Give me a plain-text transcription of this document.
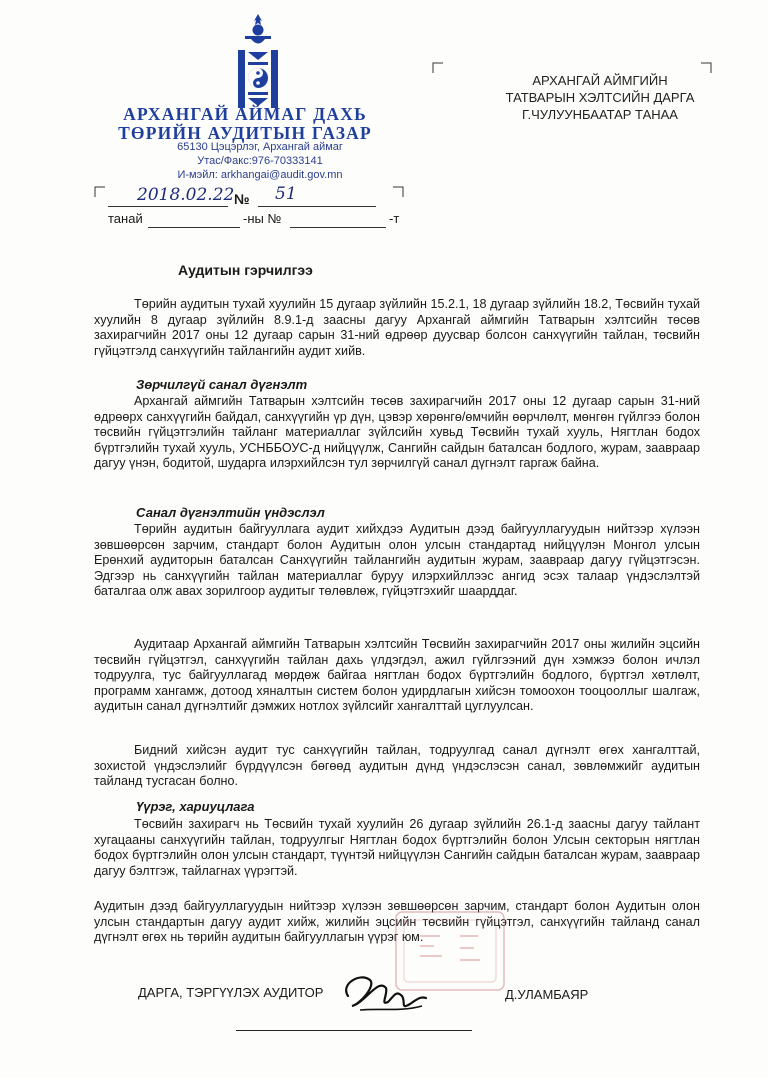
АРХАНГАЙ АЙМАГ ДАХЬ
ТӨРИЙН АУДИТЫН ГАЗАР
65130 Цэцэрлэг, Архангай аймаг
Утас/Факс:976-70333141
И-мэйл: arkhangai@audit.gov.mn
АРХАНГАЙ АЙМГИЙН
ТАТВАРЫН ХЭЛТСИЙН ДАРГА
Г.ЧУЛУУНБААТАР ТАНАА
2018.02.22 № 51
танай	-ны №	-т
Аудитын гэрчилгээ
Төрийн аудитын тухай хуулийн 15 дугаар зүйлийн 15.2.1, 18 дугаар зүйлийн 18.2, Төсвийн тухай хуулийн 8 дугаар зүйлийн 8.9.1-д заасны дагуу Архангай аймгийн Татварын хэлтсийн төсөв захирагчийн 2017 оны 12 дугаар сарын 31-ний өдрөөр дуусвар болсон санхүүгийн тайлан, төсвийн гүйцэтгэлд санхүүгийн тайлангийн аудит хийв.
Зөрчилгүй санал дүгнэлт
Архангай аймгийн Татварын хэлтсийн төсөв захирагчийн 2017 оны 12 дугаар сарын 31-ний өдрөөрх санхүүгийн байдал, санхүүгийн үр дүн, цэвэр хөрөнгө/өмчийн өөрчлөлт, мөнгөн гүйлгээ болон төсвийн гүйцэтгэлийн тайланг материаллаг зүйлсийн хувьд Төсвийн тухай хууль, Нягтлан бодох бүртгэлийн тухай хууль, УСНББОУС-д нийцүүлж, Сангийн сайдын баталсан бодлого, журам, заавраар дагуу үнэн, бодитой, шударга илэрхийлсэн тул зөрчилгүй санал дүгнэлт гаргаж байна.
Санал дүгнэлтийн үндэслэл
Төрийн аудитын байгууллага аудит хийхдээ Аудитын дээд байгууллагуудын нийтээр хүлээн зөвшөөрсөн зарчим, стандарт болон Аудитын олон улсын стандартад нийцүүлэн Монгол улсын Ерөнхий аудиторын баталсан Санхүүгийн тайлангийн аудитын журам, заавраар дагуу гүйцэтгэсэн. Эдгээр нь санхүүгийн тайлан материаллаг буруу илэрхийллээс ангид эсэх талаар үндэслэлтэй баталгаа олж авах зорилгоор аудитыг төлөвлөж, гүйцэтгэхийг шаарддаг.
Аудитаар Архангай аймгийн Татварын хэлтсийн Төсвийн захирагчийн 2017 оны жилийн эцсийн төсвийн гүйцэтгэл, санхүүгийн тайлан дахь үлдэгдэл, ажил гүйлгээний дүн хэмжээ болон ичлэл тодруулга, тус байгууллагад мөрдөж байгаа нягтлан бодох бүртгэлийн бодлого, бүртгэл хөтлөлт, программ хангамж, дотоод хяналтын систем болон удирдлагын хийсэн томоохон тооцооллыг шалгаж, аудитын санал дүгнэлтийг дэмжих нотлох зүйлсийг хангалттай цуглуулсан.
Бидний хийсэн аудит тус санхүүгийн тайлан, тодруулгад санал дүгнэлт өгөх хангалттай, зохистой үндэслэлийг бүрдүүлсэн бөгөөд аудитын дүнд үндэслэсэн санал, зөвлөмжийг аудитын тайланд тусгасан болно.
Үүрэг, хариуцлага
Төсвийн захирагч нь Төсвийн тухай хуулийн 26 дугаар зүйлийн 26.1-д заасны дагуу тайлант хугацааны санхүүгийн тайлан, тодруулгыг Нягтлан бодох бүртгэлийн болон Улсын секторын нягтлан бодох бүртгэлийн олон улсын стандарт, түүнтэй нийцүүлэн Сангийн сайдын баталсан журам, заавраар дагуу бэлтгэж, тайлагнах үүрэгтэй.
Аудитын дээд байгууллагуудын нийтээр хүлээн зөвшөөрсөн зарчим, стандарт болон Аудитын олон улсын стандартын дагуу аудит хийж, жилийн эцсийн төсвийн гүйцэтгэл, санхүүгийн тайланд санал дүгнэлт өгөх нь төрийн аудитын байгууллагын үүрэг юм.
ДАРГА, ТЭРГҮҮЛЭХ АУДИТОР	Д.УЛАМБАЯР
